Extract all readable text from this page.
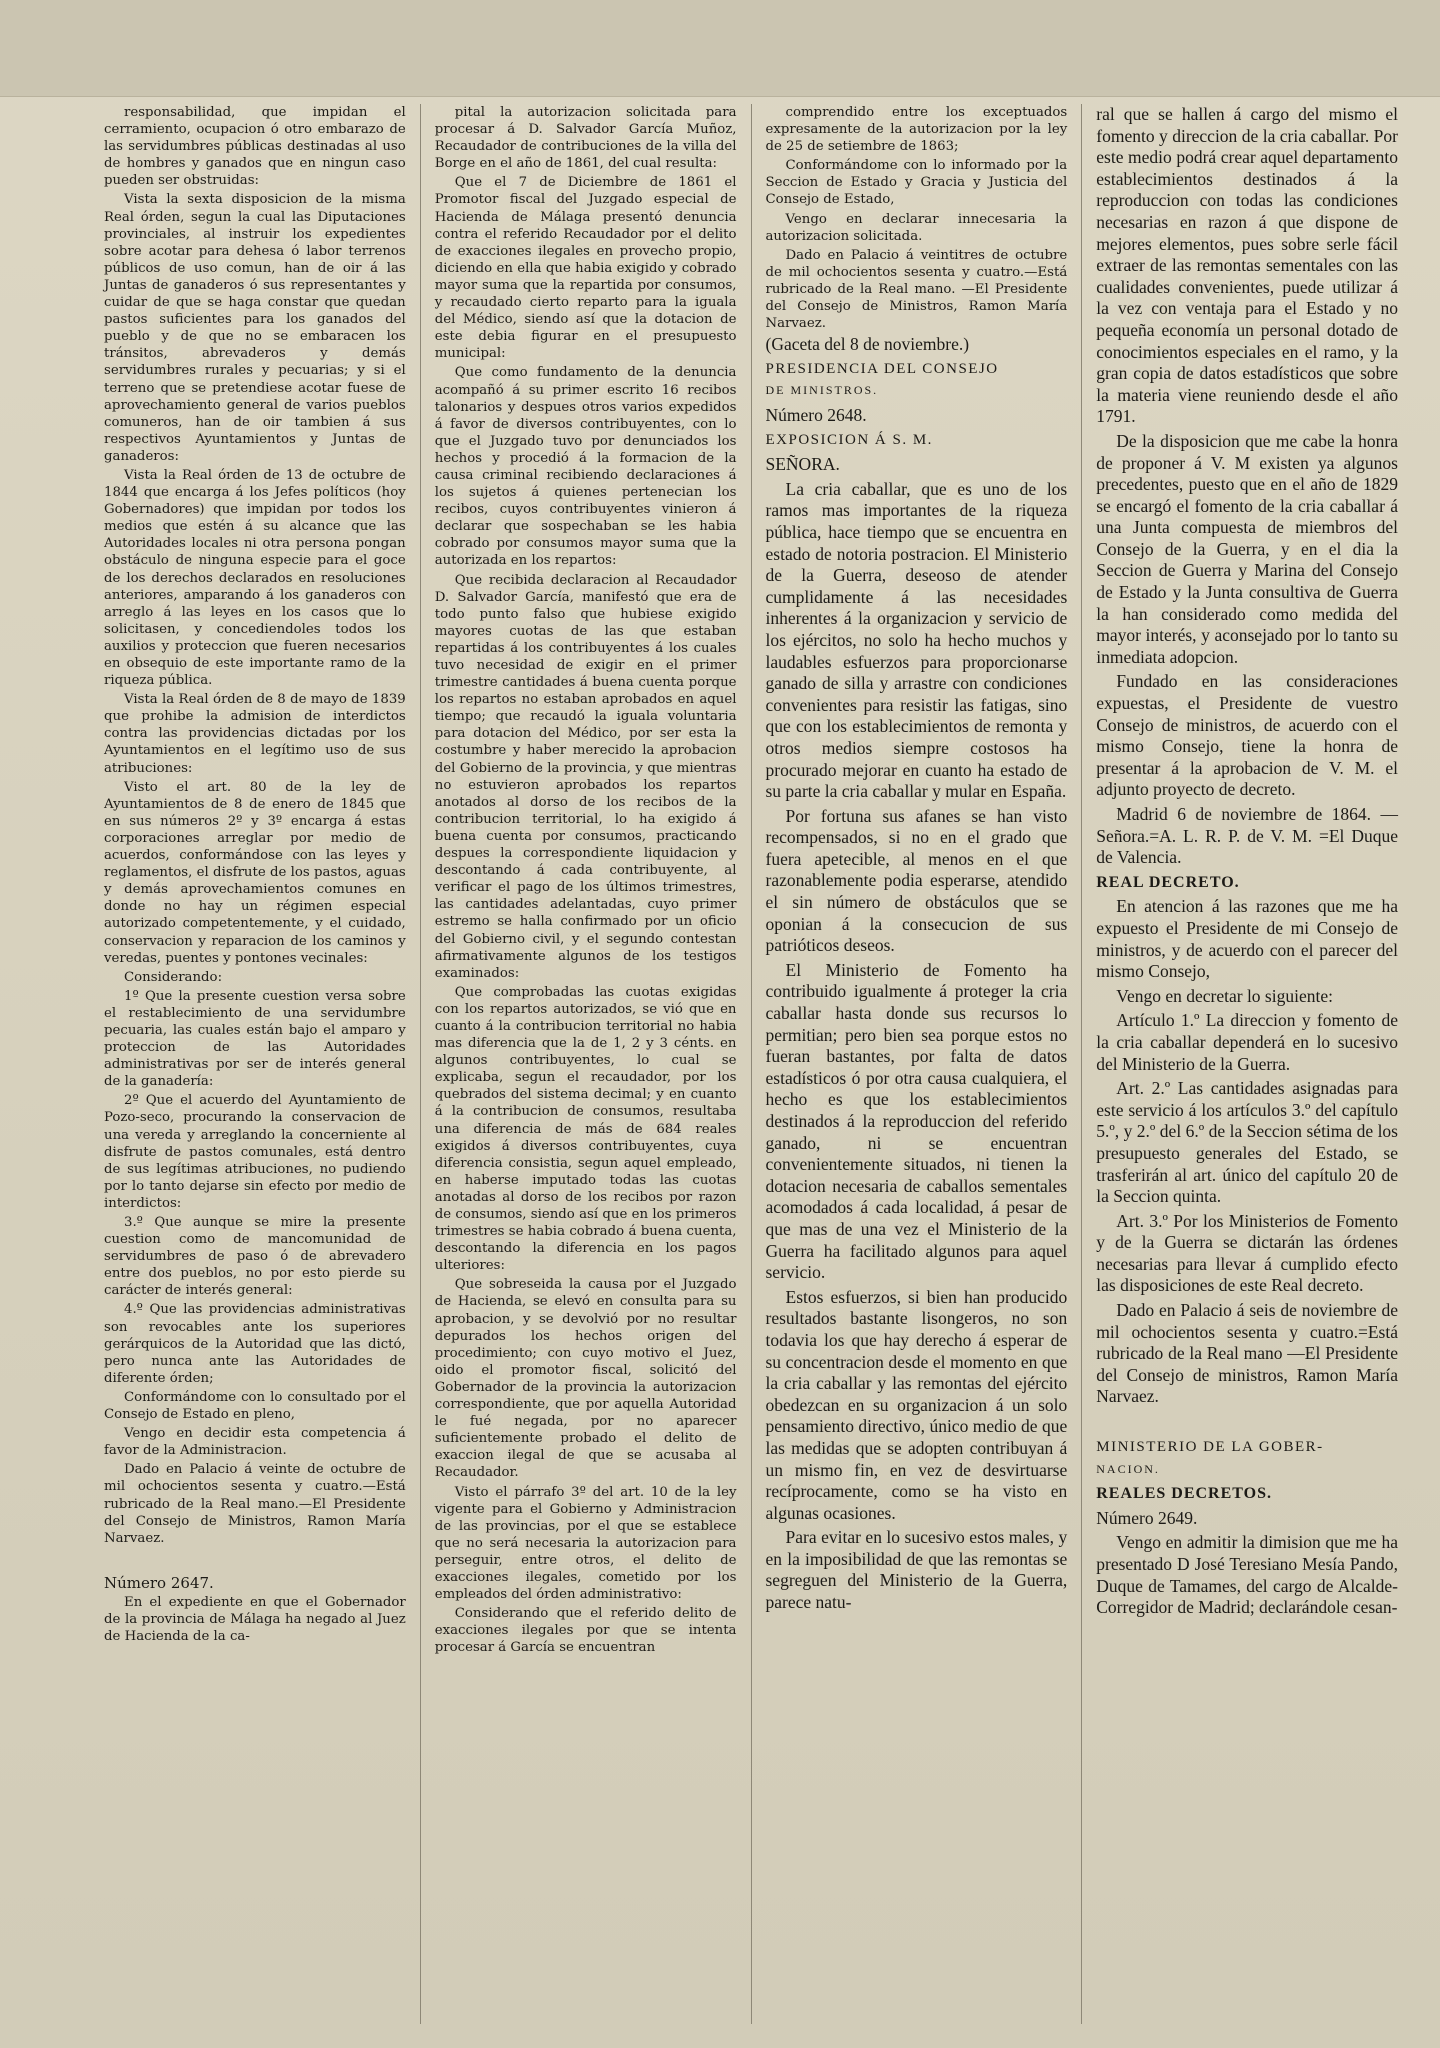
responsabilidad, que impidan el cerramiento, ocupacion ó otro embarazo de las servidumbres públicas destinadas al uso de hombres y ganados que en ningun caso pueden ser obstruidas:

Vista la sexta disposicion de la misma Real órden, segun la cual las Diputaciones provinciales, al instruir los expedientes sobre acotar para dehesa ó labor terrenos públicos de uso comun, han de oir á las Juntas de ganaderos ó sus representantes y cuidar de que se haga constar que quedan pastos suficientes para los ganados del pueblo y de que no se embaracen los tránsitos, abrevaderos y demás servidumbres rurales y pecuarias; y si el terreno que se pretendiese acotar fuese de aprovechamiento general de varios pueblos comuneros, han de oir tambien á sus respectivos Ayuntamientos y Juntas de ganaderos:

Vista la Real órden de 13 de octubre de 1844 que encarga á los Jefes políticos (hoy Gobernadores) que impidan por todos los medios que estén á su alcance que las Autoridades locales ni otra persona pongan obstáculo de ninguna especie para el goce de los derechos declarados en resoluciones anteriores, amparando á los ganaderos con arreglo á las leyes en los casos que lo solicitasen, y concediendoles todos los auxilios y proteccion que fueren necesarios en obsequio de este importante ramo de la riqueza pública.

Vista la Real órden de 8 de mayo de 1839 que prohibe la admision de interdictos contra las providencias dictadas por los Ayuntamientos en el legítimo uso de sus atribuciones:

Visto el art. 80 de la ley de Ayuntamientos de 8 de enero de 1845 que en sus números 2º y 3º encarga á estas corporaciones arreglar por medio de acuerdos, conformándose con las leyes y reglamentos, el disfrute de los pastos, aguas y demás aprovechamientos comunes en donde no hay un régimen especial autorizado competentemente, y el cuidado, conservacion y reparacion de los caminos y veredas, puentes y pontones vecinales:

Considerando:

1º Que la presente cuestion versa sobre el restablecimiento de una servidumbre pecuaria, las cuales están bajo el amparo y proteccion de las Autoridades administrativas por ser de interés general de la ganadería:

2º Que el acuerdo del Ayuntamiento de Pozo-seco, procurando la conservacion de una vereda y arreglando la concerniente al disfrute de pastos comunales, está dentro de sus legítimas atribuciones, no pudiendo por lo tanto dejarse sin efecto por medio de interdictos:

3.º Que aunque se mire la presente cuestion como de mancomunidad de servidumbres de paso ó de abrevadero entre dos pueblos, no por esto pierde su carácter de interés general:

4.º Que las providencias administrativas son revocables ante los superiores gerárquicos de la Autoridad que las dictó, pero nunca ante las Autoridades de diferente órden;

Conformándome con lo consultado por el Consejo de Estado en pleno,

Vengo en decidir esta competencia á favor de la Administracion.

Dado en Palacio á veinte de octubre de mil ochocientos sesenta y cuatro.—Está rubricado de la Real mano.—El Presidente del Consejo de Ministros, Ramon María Narvaez.

Número 2647.

En el expediente en que el Gobernador de la provincia de Málaga ha negado al Juez de Hacienda de la ca-

pital la autorizacion solicitada para procesar á D. Salvador García Muñoz, Recaudador de contribuciones de la villa del Borge en el año de 1861, del cual resulta:

Que el 7 de Diciembre de 1861 el Promotor fiscal del Juzgado especial de Hacienda de Málaga presentó denuncia contra el referido Recaudador por el delito de exacciones ilegales en provecho propio, diciendo en ella que habia exigido y cobrado mayor suma que la repartida por consumos, y recaudado cierto reparto para la iguala del Médico, siendo así que la dotacion de este debia figurar en el presupuesto municipal:

Que como fundamento de la denuncia acompañó á su primer escrito 16 recibos talonarios y despues otros varios expedidos á favor de diversos contribuyentes, con lo que el Juzgado tuvo por denunciados los hechos y procedió á la formacion de la causa criminal recibiendo declaraciones á los sujetos á quienes pertenecian los recibos, cuyos contribuyentes vinieron á declarar que sospechaban se les habia cobrado por consumos mayor suma que la autorizada en los repartos:

Que recibida declaracion al Recaudador D. Salvador García, manifestó que era de todo punto falso que hubiese exigido mayores cuotas de las que estaban repartidas á los contribuyentes á los cuales tuvo necesidad de exigir en el primer trimestre cantidades á buena cuenta porque los repartos no estaban aprobados en aquel tiempo; que recaudó la iguala voluntaria para dotacion del Médico, por ser esta la costumbre y haber merecido la aprobacion del Gobierno de la provincia, y que mientras no estuvieron aprobados los repartos anotados al dorso de los recibos de la contribucion territorial, lo ha exigido á buena cuenta por consumos, practicando despues la correspondiente liquidacion y descontando á cada contribuyente, al verificar el pago de los últimos trimestres, las cantidades adelantadas, cuyo primer estremo se halla confirmado por un oficio del Gobierno civil, y el segundo contestan afirmativamente algunos de los testigos examinados:

Que comprobadas las cuotas exigidas con los repartos autorizados, se vió que en cuanto á la contribucion territorial no habia mas diferencia que la de 1, 2 y 3 cénts. en algunos contribuyentes, lo cual se explicaba, segun el recaudador, por los quebrados del sistema decimal; y en cuanto á la contribucion de consumos, resultaba una diferencia de más de 684 reales exigidos á diversos contribuyentes, cuya diferencia consistia, segun aquel empleado, en haberse imputado todas las cuotas anotadas al dorso de los recibos por razon de consumos, siendo así que en los primeros trimestres se habia cobrado á buena cuenta, descontando la diferencia en los pagos ulteriores:

Que sobreseida la causa por el Juzgado de Hacienda, se elevó en consulta para su aprobacion, y se devolvió por no resultar depurados los hechos origen del procedimiento; con cuyo motivo el Juez, oido el promotor fiscal, solicitó del Gobernador de la provincia la autorizacion correspondiente, que por aquella Autoridad le fué negada, por no aparecer suficientemente probado el delito de exaccion ilegal de que se acusaba al Recaudador.

Visto el párrafo 3º del art. 10 de la ley vigente para el Gobierno y Administracion de las provincias, por el que se establece que no será necesaria la autorizacion para perseguir, entre otros, el delito de exacciones ilegales, cometido por los empleados del órden administrativo:

Considerando que el referido delito de exacciones ilegales por que se intenta procesar á García se encuentran

comprendido entre los exceptuados expresamente de la autorizacion por la ley de 25 de setiembre de 1863;

Conformándome con lo informado por la Seccion de Estado y Gracia y Justicia del Consejo de Estado,

Vengo en declarar innecesaria la autorizacion solicitada.

Dado en Palacio á veintitres de octubre de mil ochocientos sesenta y cuatro.—Está rubricado de la Real mano. —El Presidente del Consejo de Ministros, Ramon María Narvaez.

(Gaceta del 8 de noviembre.)

PRESIDENCIA DEL CONSEJO

DE MINISTROS.

Número 2648.

EXPOSICION Á S. M.

SEÑORA.

La cria caballar, que es uno de los ramos mas importantes de la riqueza pública, hace tiempo que se encuentra en estado de notoria postracion. El Ministerio de la Guerra, deseoso de atender cumplidamente á las necesidades inherentes á la organizacion y servicio de los ejércitos, no solo ha hecho muchos y laudables esfuerzos para proporcionarse ganado de silla y arrastre con condiciones convenientes para resistir las fatigas, sino que con los establecimientos de remonta y otros medios siempre costosos ha procurado mejorar en cuanto ha estado de su parte la cria caballar y mular en España.

Por fortuna sus afanes se han visto recompensados, si no en el grado que fuera apetecible, al menos en el que razonablemente podia esperarse, atendido el sin número de obstáculos que se oponian á la consecucion de sus patrióticos deseos.

El Ministerio de Fomento ha contribuido igualmente á proteger la cria caballar hasta donde sus recursos lo permitian; pero bien sea porque estos no fueran bastantes, por falta de datos estadísticos ó por otra causa cualquiera, el hecho es que los establecimientos destinados á la reproduccion del referido ganado, ni se encuentran convenientemente situados, ni tienen la dotacion necesaria de caballos sementales acomodados á cada localidad, á pesar de que mas de una vez el Ministerio de la Guerra ha facilitado algunos para aquel servicio.

Estos esfuerzos, si bien han producido resultados bastante lisongeros, no son todavia los que hay derecho á esperar de su concentracion desde el momento en que la cria caballar y las remontas del ejército obedezcan en su organizacion á un solo pensamiento directivo, único medio de que las medidas que se adopten contribuyan á un mismo fin, en vez de desvirtuarse recíprocamente, como se ha visto en algunas ocasiones.

Para evitar en lo sucesivo estos males, y en la imposibilidad de que las remontas se segreguen del Ministerio de la Guerra, parece natu-

ral que se hallen á cargo del mismo el fomento y direccion de la cria caballar. Por este medio podrá crear aquel departamento establecimientos destinados á la reproduccion con todas las condiciones necesarias en razon á que dispone de mejores elementos, pues sobre serle fácil extraer de las remontas sementales con las cualidades convenientes, puede utilizar á la vez con ventaja para el Estado y no pequeña economía un personal dotado de conocimientos especiales en el ramo, y la gran copia de datos estadísticos que sobre la materia viene reuniendo desde el año 1791.

De la disposicion que me cabe la honra de proponer á V. M existen ya algunos precedentes, puesto que en el año de 1829 se encargó el fomento de la cria caballar á una Junta compuesta de miembros del Consejo de la Guerra, y en el dia la Seccion de Guerra y Marina del Consejo de Estado y la Junta consultiva de Guerra la han considerado como medida del mayor interés, y aconsejado por lo tanto su inmediata adopcion.

Fundado en las consideraciones expuestas, el Presidente de vuestro Consejo de ministros, de acuerdo con el mismo Consejo, tiene la honra de presentar á la aprobacion de V. M. el adjunto proyecto de decreto.

Madrid 6 de noviembre de 1864. —Señora.=A. L. R. P. de V. M. =El Duque de Valencia.

REAL DECRETO.

En atencion á las razones que me ha expuesto el Presidente de mi Consejo de ministros, y de acuerdo con el parecer del mismo Consejo,

Vengo en decretar lo siguiente:

Artículo 1.º La direccion y fomento de la cria caballar dependerá en lo sucesivo del Ministerio de la Guerra.

Art. 2.º Las cantidades asignadas para este servicio á los artículos 3.º del capítulo 5.º, y 2.º del 6.º de la Seccion sétima de los presupuesto generales del Estado, se trasferirán al art. único del capítulo 20 de la Seccion quinta.

Art. 3.º Por los Ministerios de Fomento y de la Guerra se dictarán las órdenes necesarias para llevar á cumplido efecto las disposiciones de este Real decreto.

Dado en Palacio á seis de noviembre de mil ochocientos sesenta y cuatro.=Está rubricado de la Real mano —El Presidente del Consejo de ministros, Ramon María Narvaez.

MINISTERIO DE LA GOBER-

NACION.

REALES DECRETOS.

Número 2649.

Vengo en admitir la dimision que me ha presentado D José Teresiano Mesía Pando, Duque de Tamames, del cargo de Alcalde-Corregidor de Madrid; declarándole cesan-
